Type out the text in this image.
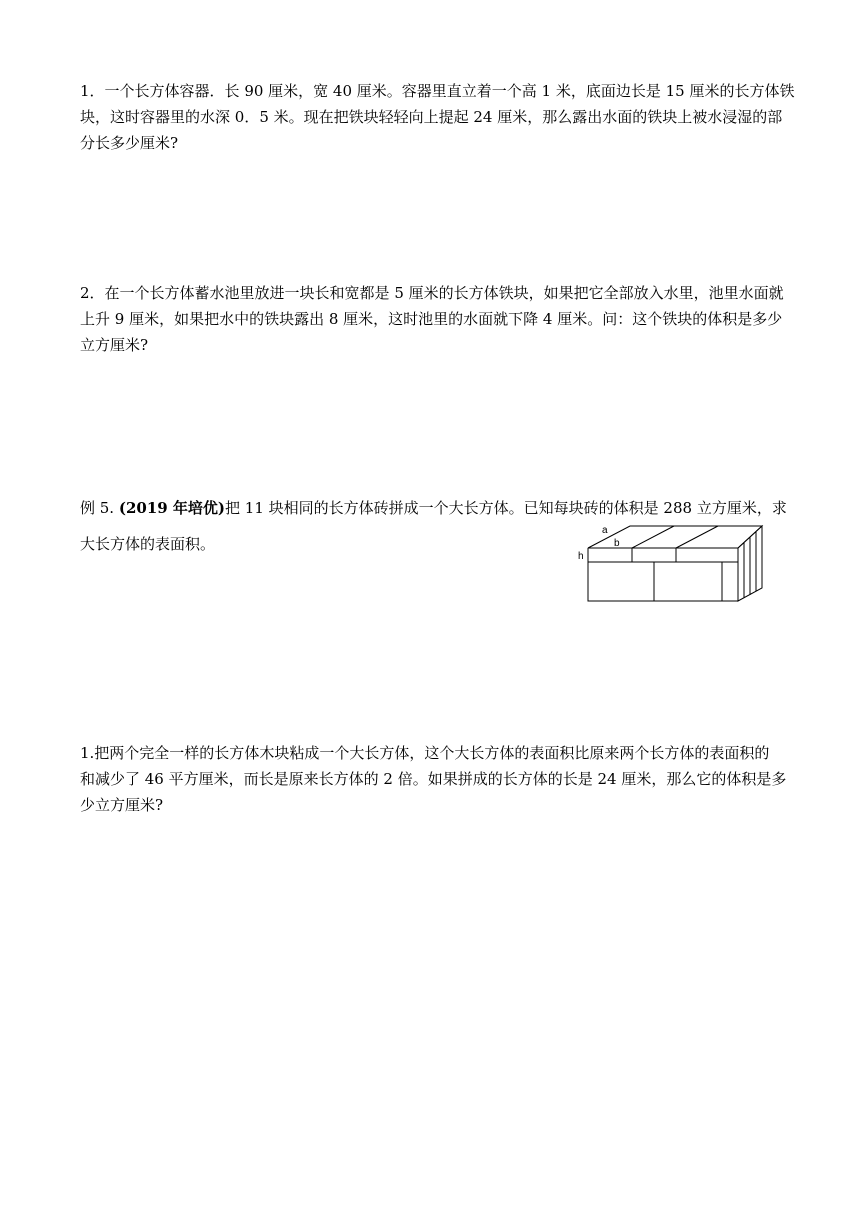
1．一个长方体容器．长 90 厘米，宽 40 厘米。容器里直立着一个高 1 米，底面边长是 15 厘米的长方体铁
块，这时容器里的水深 0．5 米。现在把铁块轻轻向上提起 24 厘米，那么露出水面的铁块上被水浸湿的部
分长多少厘米?

2．在一个长方体蓄水池里放进一块长和宽都是 5 厘米的长方体铁块，如果把它全部放入水里，池里水面就
上升 9 厘米，如果把水中的铁块露出 8 厘米，这时池里的水面就下降 4 厘米。问：这个铁块的体积是多少
立方厘米?

例 5. (2019 年培优)把 11 块相同的长方体砖拼成一个大长方体。已知每块砖的体积是 288 立方厘米，求
大长方体的表面积。

a
b
h

1.把两个完全一样的长方体木块粘成一个大长方体，这个大长方体的表面积比原来两个长方体的表面积的
和减少了 46 平方厘米，而长是原来长方体的 2 倍。如果拼成的长方体的长是 24 厘米，那么它的体积是多
少立方厘米?
